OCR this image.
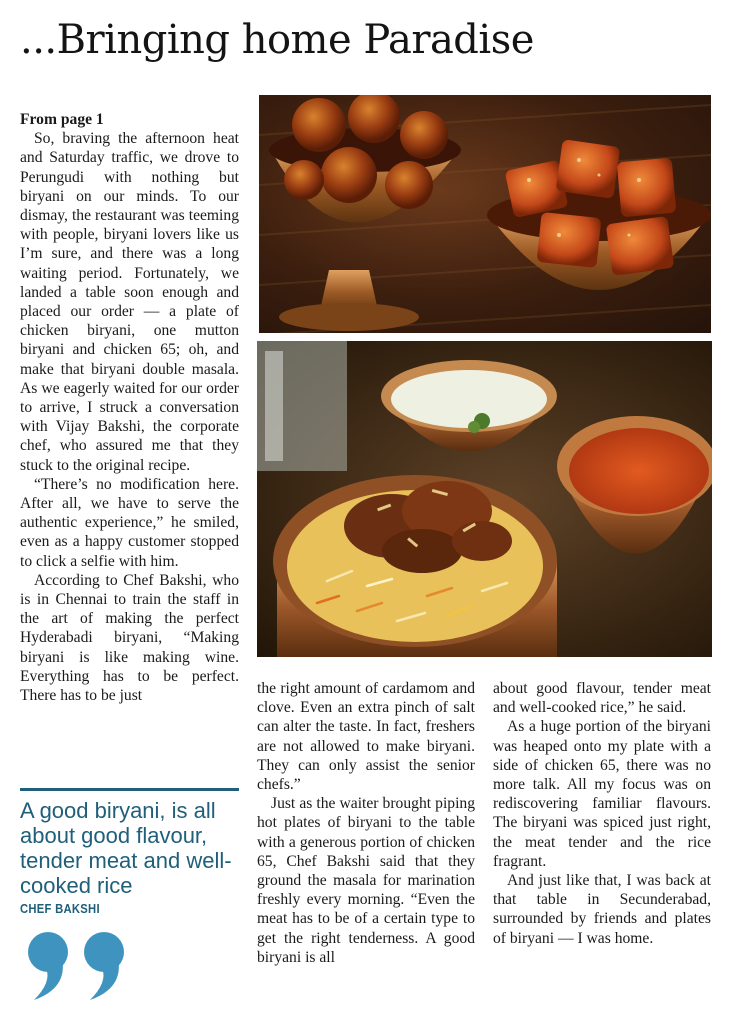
...Bringing home Paradise

From page 1

So, braving the afternoon heat and Saturday traffic, we drove to Perungudi with nothing but biryani on our minds. To our dismay, the restaurant was teeming with people, biryani lovers like us I’m sure, and there was a long waiting period. Fortunately, we landed a table soon enough and placed our order — a plate of chicken biryani, one mutton biryani and chicken 65; oh, and make that biryani double masala. As we eagerly waited for our order to arrive, I struck a conversation with Vijay Bakshi, the corporate chef, who assured me that they stuck to the original recipe.

“There’s no modification here. After all, we have to serve the authentic experience,” he smiled, even as a happy customer stopped to click a selfie with him.

According to Chef Bakshi, who is in Chennai to train the staff in the art of making the perfect Hyderabadi biryani, “Making biryani is like making wine. Everything has to be perfect. There has to be just	the right amount of cardamom and clove. Even an extra pinch of salt can alter the taste. In fact, freshers are not allowed to make biryani. They can only assist the senior chefs.”

Just as the waiter brought piping hot plates of biryani to the table with a generous portion of chicken 65, Chef Bakshi said that they ground the masala for marination freshly every morning. “Even the meat has to be of a certain type to get the right tenderness. A good biryani is all

about good flavour, tender meat and well-cooked rice,” he said.

As a huge portion of the biryani was heaped onto my plate with a side of chicken 65, there was no more talk. All my focus was on rediscovering familiar flavours. The biryani was spiced just right, the meat tender and the rice fragrant.

And just like that, I was back at that table in Secunderabad, surrounded by friends and plates of biryani — I was home.

A good biryani, is all about good flavour, tender meat and well-cooked rice
CHEF BAKSHI
